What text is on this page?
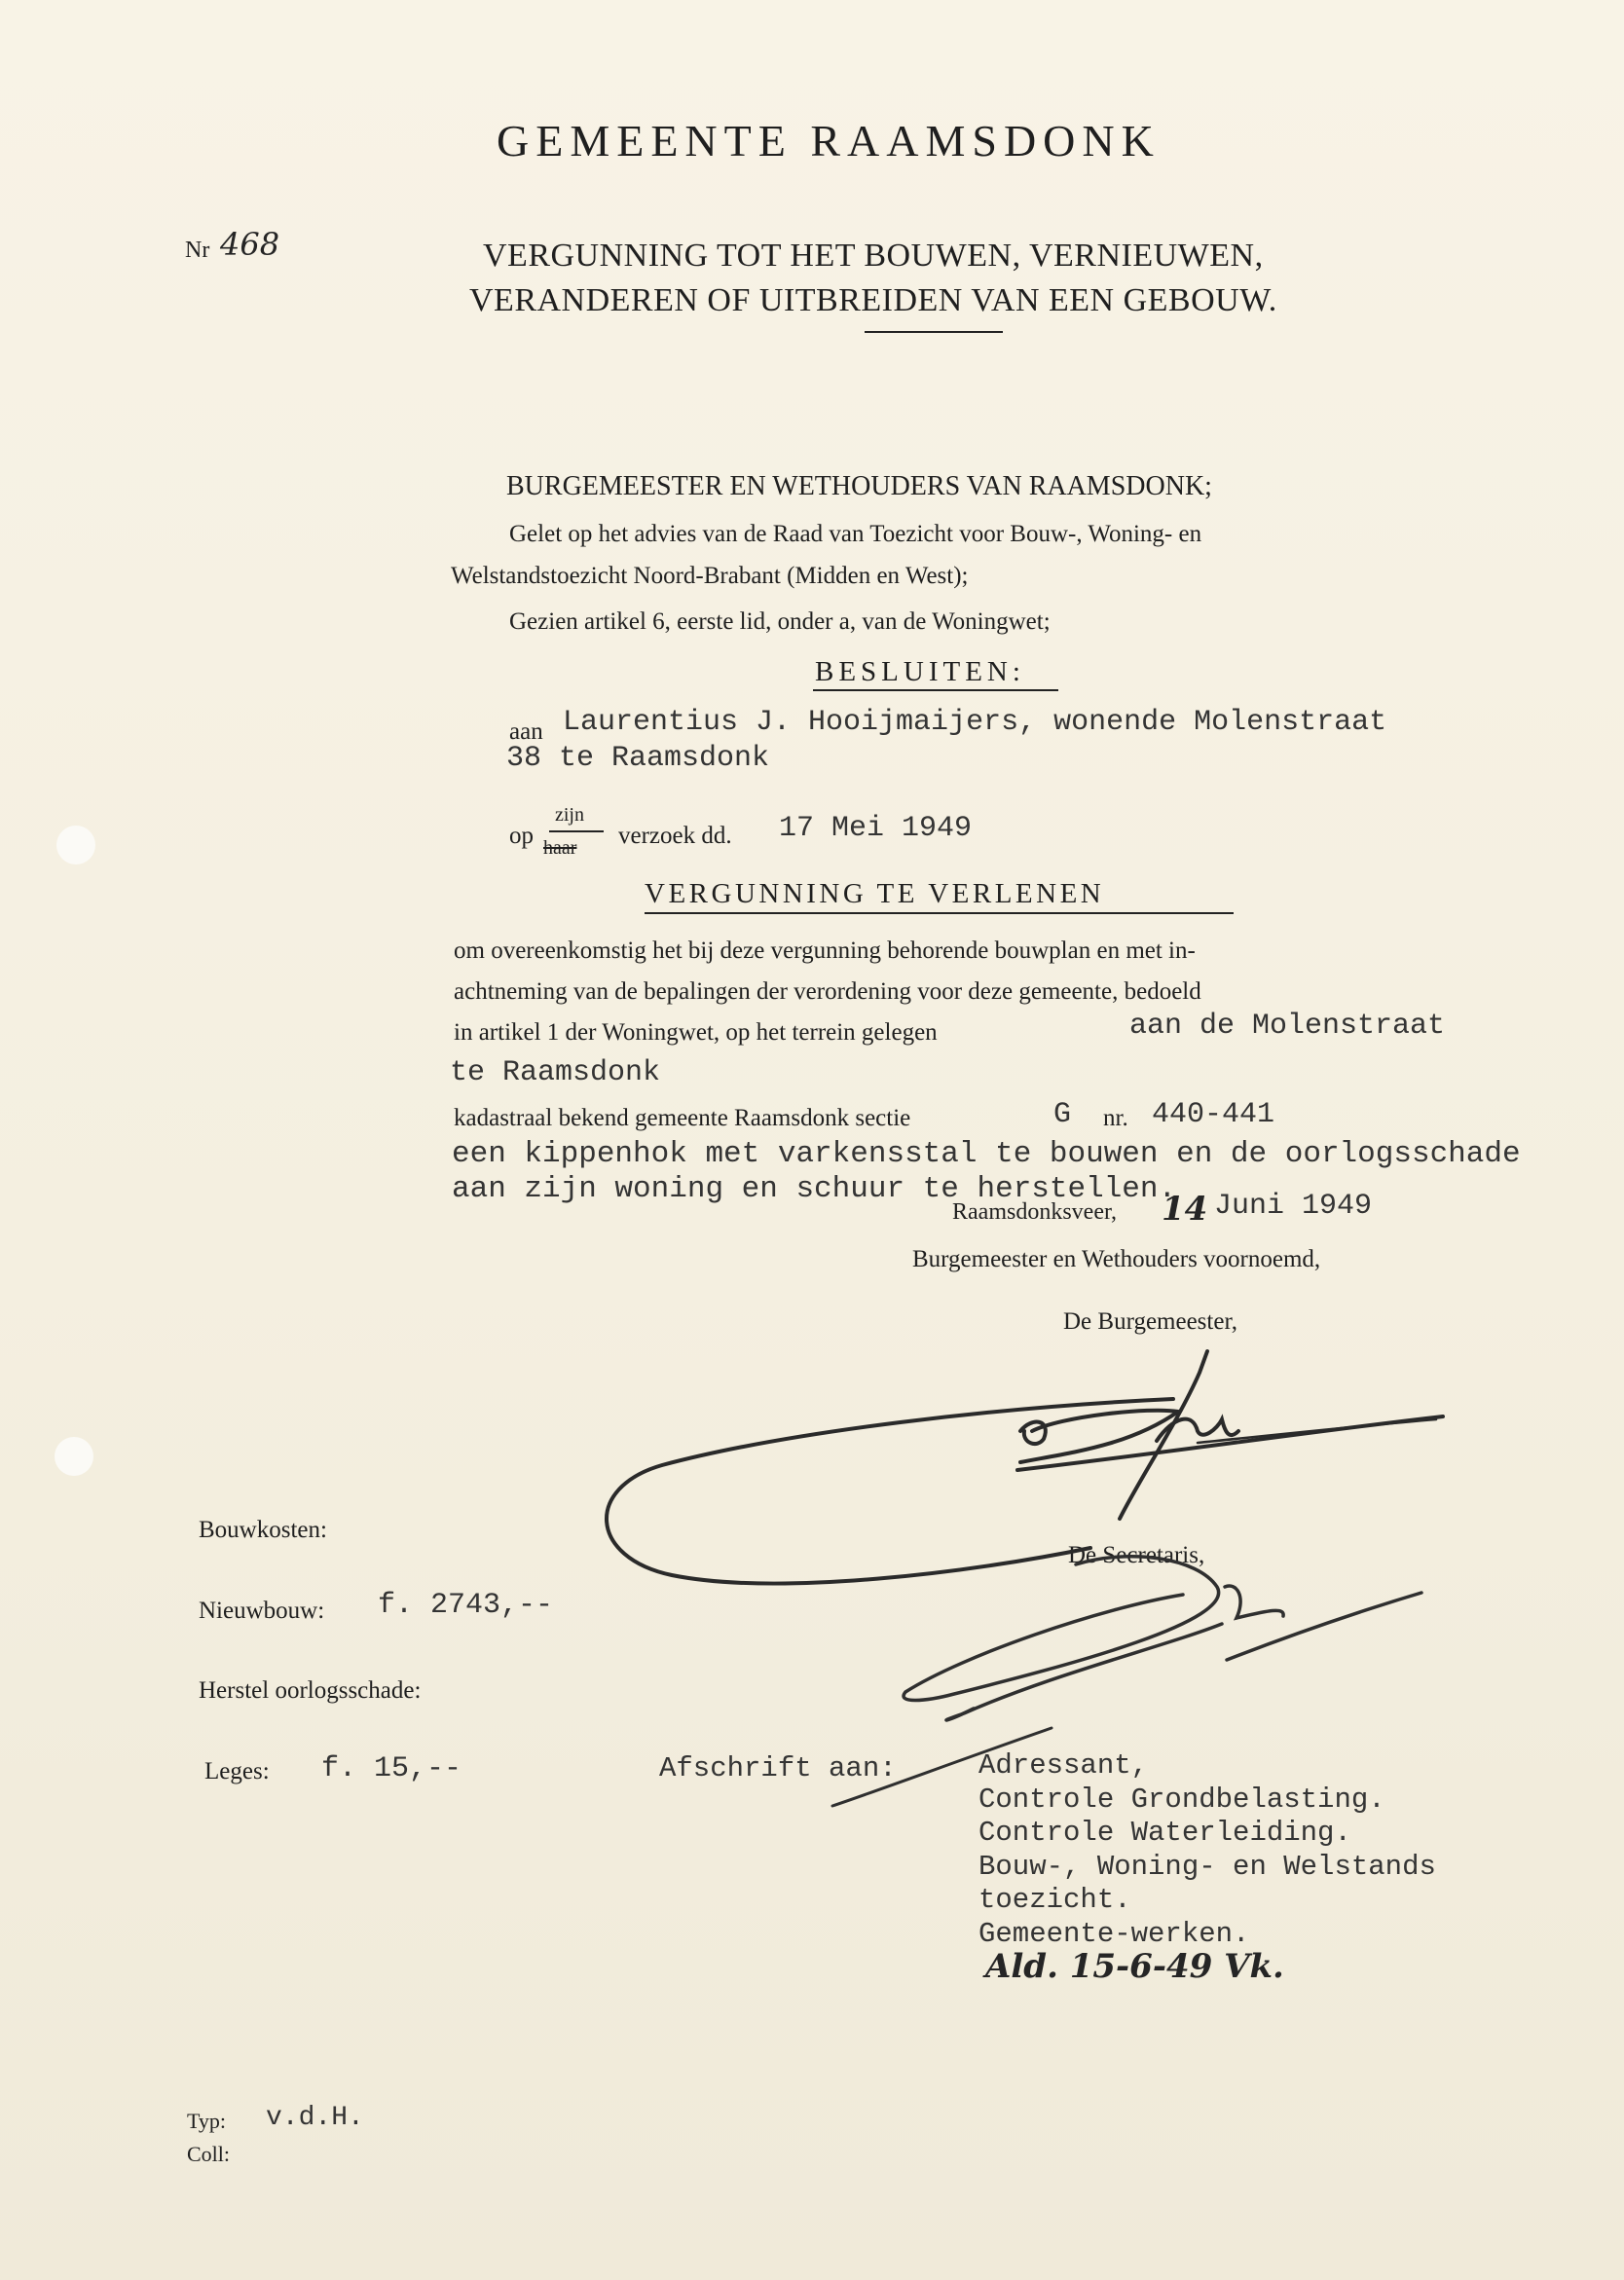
GEMEENTE RAAMSDONK
Nr 468	VERGUNNING TOT HET BOUWEN, VERNIEUWEN,
VERANDEREN OF UITBREIDEN VAN EEN GEBOUW.
BURGEMEESTER EN WETHOUDERS VAN RAAMSDONK;
Gelet op het advies van de Raad van Toezicht voor Bouw-, Woning- en
Welstandstoezicht Noord-Brabant (Midden en West);
Gezien artikel 6, eerste lid, onder a, van de Woningwet;
BESLUITEN:
aan Laurentius J. Hooijmaijers, wonende Molenstraat
38 te Raamsdonk
op
zijn
haar verzoek dd. 17 Mei 1949
VERGUNNING TE VERLENEN
om overeenkomstig het bij deze vergunning behorende bouwplan en met in-
achtneming van de bepalingen der verordening voor deze gemeente, bedoeld
in artikel 1 der Woningwet, op het terrein gelegen	aan de Molenstraat
te Raamsdonk
kadastraal bekend gemeente Raamsdonk sectie	G nr. 440-441
een kippenhok met varkensstal te bouwen en de oorlogsschade
aan zijn woning en schuur te herstellen.
Raamsdonksveer, 14 Juni 1949
Burgemeester en Wethouders voornoemd,
De Burgemeester,
De Secretaris,
Bouwkosten:
Nieuwbouw: f. 2743,--
Herstel oorlogsschade:
Leges: f. 15,--	Afschrift aan:	Adressant,
Controle Grondbelasting.
Controle Waterleiding.
Bouw-, Woning- en Welstands
toezicht.
Gemeente-werken.
Ald. 15-6-49 Vk.
Typ: v.d.H.
Coll:
